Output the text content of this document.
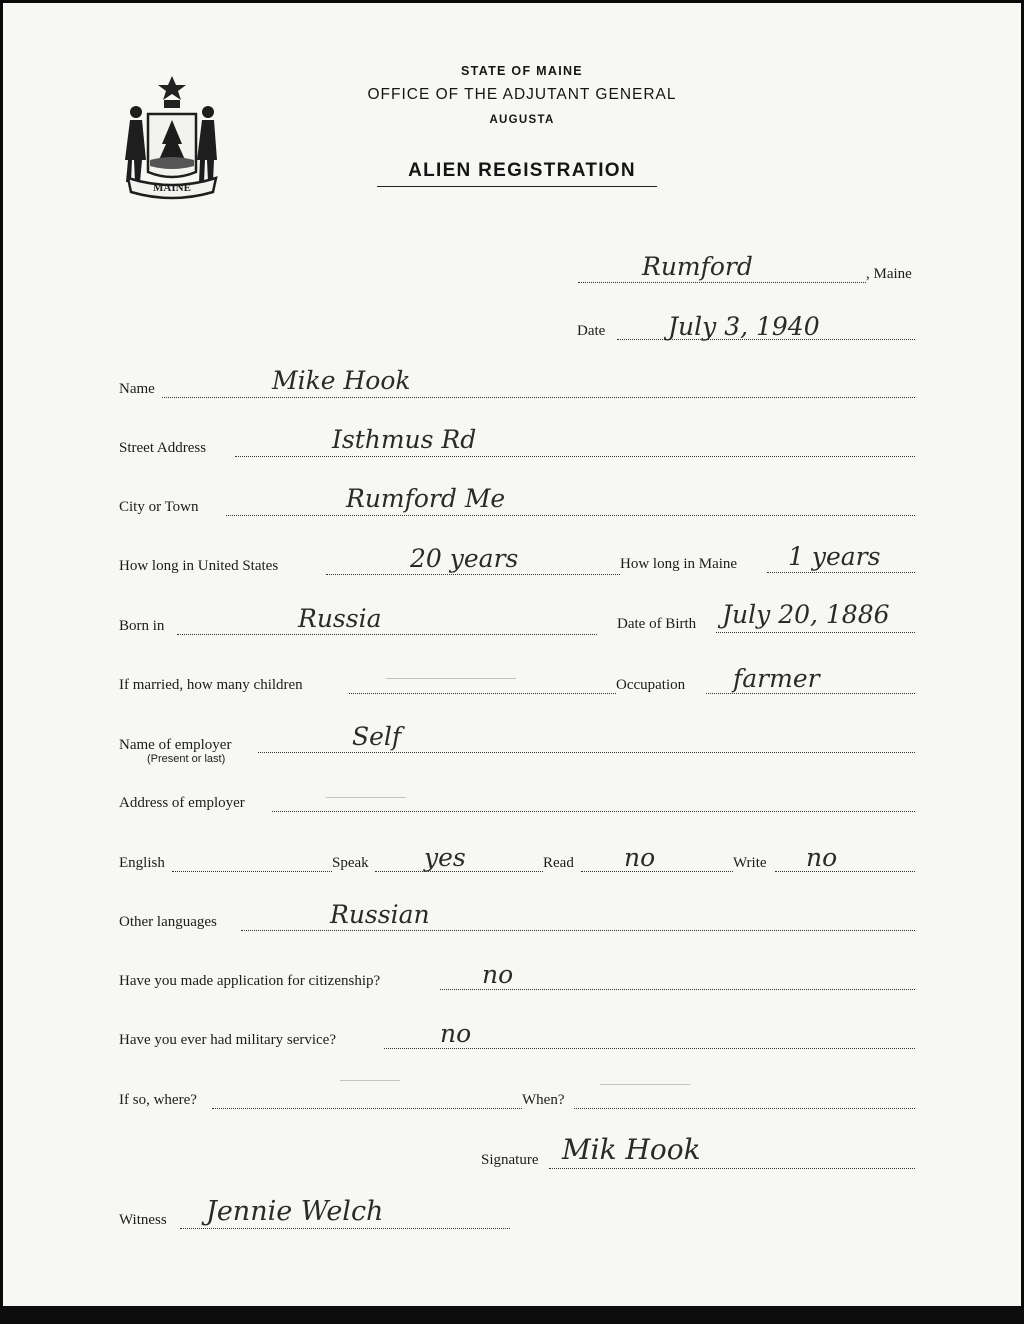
MAINE
STATE OF MAINE
OFFICE OF THE ADJUTANT GENERAL
AUGUSTA
ALIEN REGISTRATION
Rumford	, Maine
Date	July 3, 1940
Name	Mike Hook
Street Address	Isthmus Rd
City or Town	Rumford Me
How long in United States	20 years	How long in Maine 1 years
Born in	Russia	Date of Birth July 20, 1886
If married, how many children	Occupation farmer
Name of employer
(Present or last)
Self
Address of employer
English	Speak yes	Read no	Write no
Other languages	Russian
Have you made application for citizenship?	no
Have you ever had military service?	no
If so, where?	When?
Signature Mik Hook
Witness Jennie Welch
